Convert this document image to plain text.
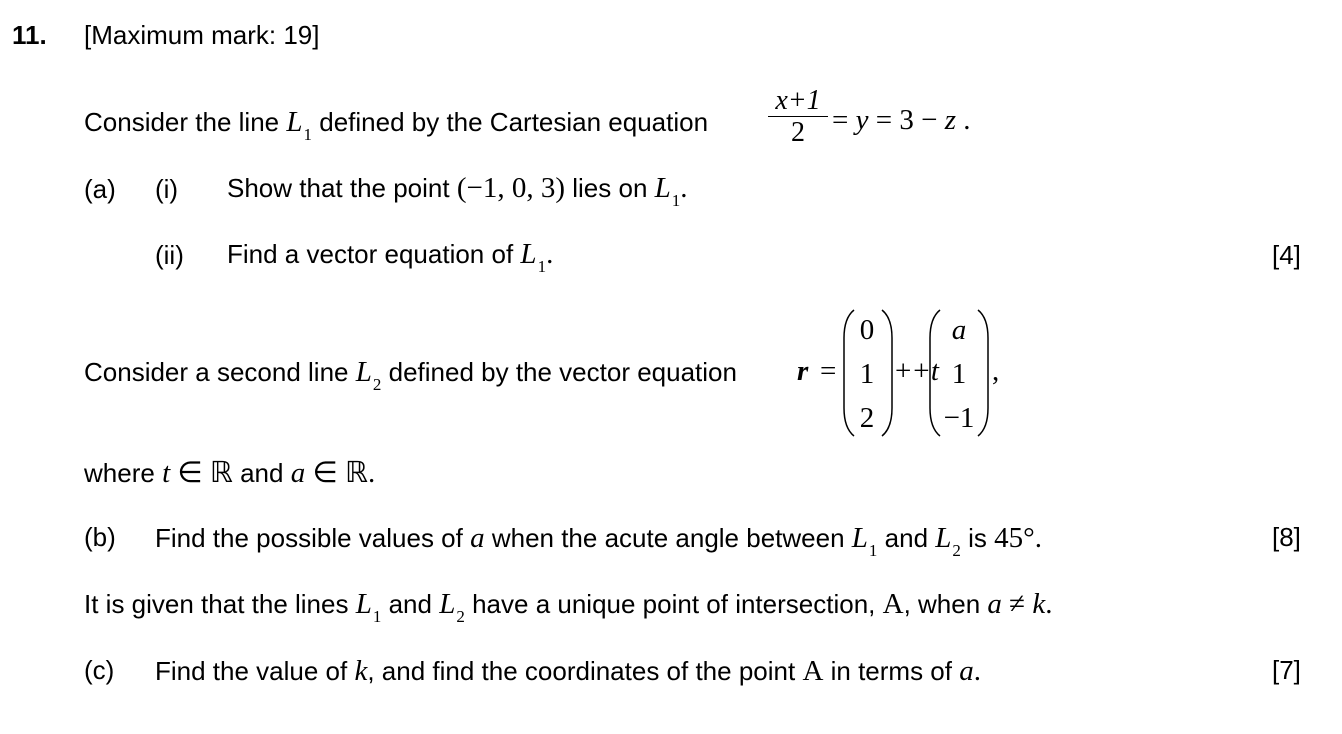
11. [Maximum mark: 19]
Consider the line $L_1$ defined by the Cartesian equation
x+1
2 = y = 3 − z .
(a) (i) Show that the point (−1, 0, 3) lies on $L_1$.
(ii) Find a vector equation of $L_1$.	[4]
Consider a second line $L_2$ defined by the vector equation r =
0
1
2
++t
a
1
−1
,
where t ∈ ℝ and a ∈ ℝ.
(b) Find the possible values of a when the acute angle between $L_1$ and $L_2$ is 45°.	[8]
It is given that the lines $L_1$ and $L_2$ have a unique point of intersection, A, when a ≠ k.
(c) Find the value of k, and find the coordinates of the point A in terms of a.	[7]
